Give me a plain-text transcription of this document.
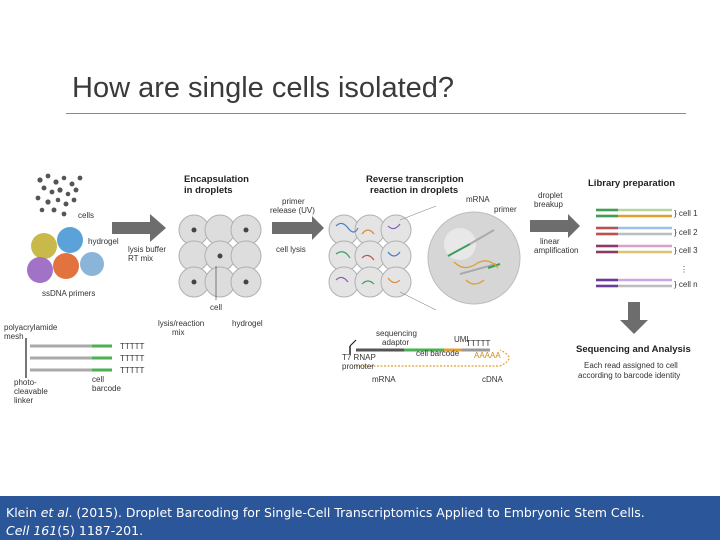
How are single cells isolated?
cells
hydrogel
ssDNA primers
polyacrylamide mesh
TTTTT
TTTTT
TTTTT
photo- cleavable linker
cell barcode
lysis buffer RT mix
Encapsulation in droplets
cell
lysis/reaction mix
hydrogel
primer release (UV)
cell lysis
Reverse transcription reaction in droplets
mRNA
primer
sequencing adaptor	UMI
TTTTT
AAAAA
T7 RNAP promoter
cell barcode
mRNA	cDNA
droplet breakup
linear amplification
Library preparation
} cell 1
} cell 2
} cell 3
⋮
} cell n
Sequencing and Analysis
Each read assigned to cell according to barcode identity
Klein et al. (2015). Droplet Barcoding for Single-Cell Transcriptomics Applied to Embryonic Stem Cells.
Cell 161(5) 1187-201.
